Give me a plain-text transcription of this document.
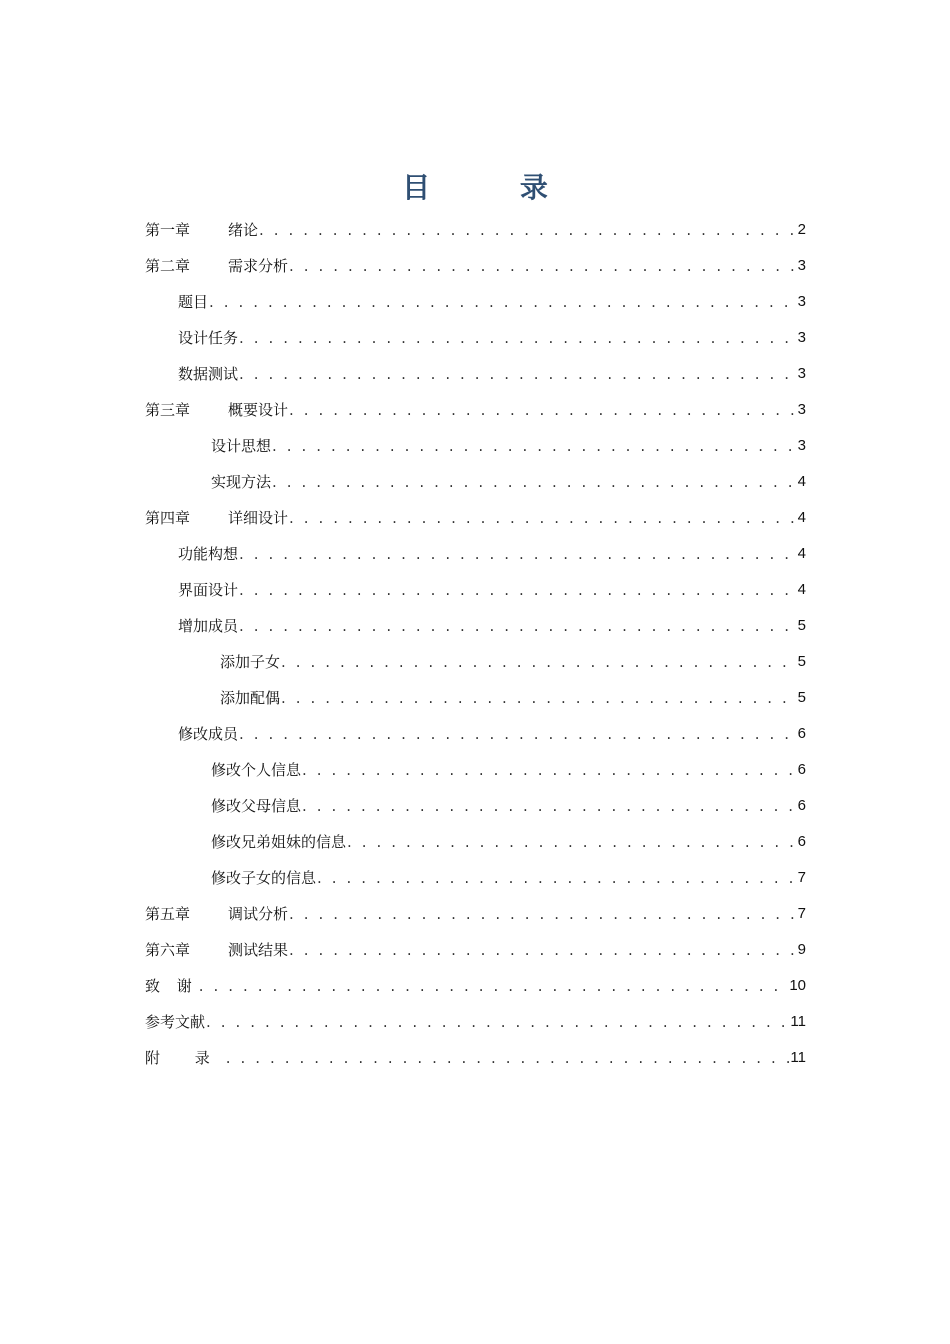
目 录
第一章	绪论 . . .	2
第二章	需求分析 . . .	3
题目 . . .	3
设计任务 . . .	3
数据测试 . . .	3
第三章	概要设计 . . .	3
设计思想 . . .	3
实现方法 . . .	4
第四章	详细设计 . . .	4
功能构想 . . .	4
界面设计 . . .	4
增加成员 . . .	5
添加子女 . . .	5
添加配偶 . . .	5
修改成员 . . .	6
修改个人信息 . . .	6
修改父母信息 . . .	6
修改兄弟姐妹的信息 . . .	6
修改子女的信息 . . .	7
第五章	调试分析 . . .	7
第六章	测试结果 . . .	9
致 谢 . . .	10
参考文献 . . .	11
附 录 . . .	11
